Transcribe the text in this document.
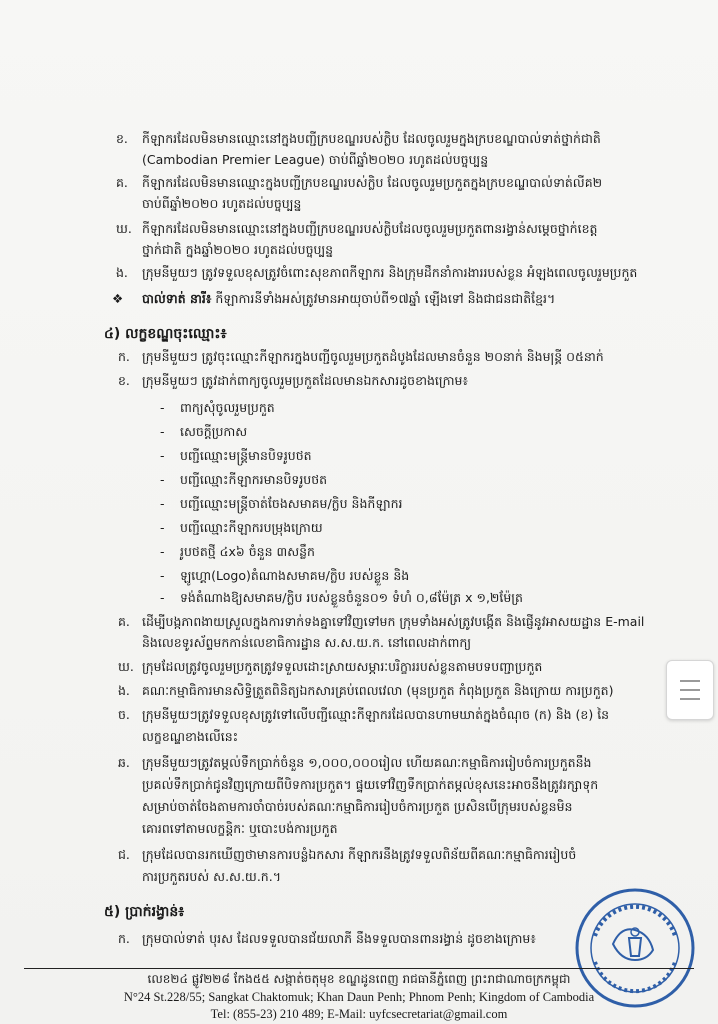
ខ. កីឡាករដែលមិនមានឈ្មោះនៅក្នុងបញ្ជីក្របខណ្ឌរបស់ក្លិប ដែលចូលរួមក្នុងក្របខណ្ឌបាល់ទាត់ថ្នាក់ជាតិ
(Cambodian Premier League) ចាប់ពីឆ្នាំ២០២០ រហូតដល់បច្ចុប្បន្ន
គ. កីឡាករដែលមិនមានឈ្មោះក្នុងបញ្ជីក្របខណ្ឌរបស់ក្លិប ដែលចូលរួមប្រកួតក្នុងក្របខណ្ឌបាល់ទាត់លីគ២
ចាប់ពីឆ្នាំ២០២០ រហូតដល់បច្ចុប្បន្ន
ឃ. កីឡាករដែលមិនមានឈ្មោះនៅក្នុងបញ្ជីក្របខណ្ឌរបស់ក្លិបដែលចូលរួមប្រកួតពានរង្វាន់សម្ដេចថ្នាក់ខេត្ត
ថ្នាក់ជាតិ ក្នុងឆ្នាំ២០២០ រហូតដល់បច្ចុប្បន្ន
ង. ក្រុមនីមួយៗ ត្រូវទទួលខុសត្រូវចំពោះសុខភាពកីឡាករ និងក្រុមដឹកនាំការងាររបស់ខ្លួន អំឡុងពេលចូលរួមប្រកួត
❖ បាល់ទាត់ នារី៖ កីឡាការនីទាំងអស់ត្រូវមានអាយុចាប់ពី១៧ឆ្នាំ ឡើងទៅ និងជាជនជាតិខ្មែរ។
៤) លក្ខខណ្ឌចុះឈ្មោះ៖
ក. ក្រុមនីមួយៗ ត្រូវចុះឈ្មោះកីឡាករក្នុងបញ្ជីចូលរួមប្រកួតដំបូងដែលមានចំនួន ២០នាក់ និងមន្ត្រី ០៥នាក់
ខ. ក្រុមនីមួយៗ ត្រូវដាក់ពាក្យចូលរួមប្រកួតដែលមានឯកសារដូចខាងក្រោម៖
- ពាក្យសុំចូលរួមប្រកួត
- សេចក្ដីប្រកាស
- បញ្ជីឈ្មោះមន្ត្រីមានបិទរូបថត
- បញ្ជីឈ្មោះកីឡាករមានបិទរូបថត
- បញ្ជីឈ្មោះមន្ត្រីចាត់ចែងសមាគម/ក្លិប និងកីឡាករ
- បញ្ជីឈ្មោះកីឡាករបម្រុងក្រោយ
- រូបថតថ្មី ៤x៦ ចំនួន ៣សន្លឹក
- ឡូហ្គោ(Logo)តំណាងសមាគម/ក្លិប របស់ខ្លួន និង
- ទង់តំណាងឱ្យសមាគម/ក្លិប របស់ខ្លួនចំនួន០១ ទំហំ ០,៨ម៉ែត្រ x ១,២ម៉ែត្រ
គ. ដើម្បីបង្កភាពងាយស្រួលក្នុងការទាក់ទងគ្នាទៅវិញទៅមក ក្រុមទាំងអស់ត្រូវបង្កើត និងផ្ញើនូវអាសយដ្ឋាន E-mail
និងលេខទូរស័ព្ទមកកាន់លេខាធិការដ្ឋាន ស.ស.យ.ក. នៅពេលដាក់ពាក្យ
ឃ. ក្រុមដែលត្រូវចូលរួមប្រកួតត្រូវទទួលដោះស្រាយសម្ភារៈបរិក្ខាររបស់ខ្លួនតាមបទបញ្ជាប្រកួត
ង. គណៈកម្មាធិការមានសិទ្ធិត្រួតពិនិត្យឯកសារគ្រប់ពេលវេលា (មុនប្រកួត កំពុងប្រកួត និងក្រោយ ការប្រកួត)
ច. ក្រុមនីមួយៗត្រូវទទួលខុសត្រូវទៅលើបញ្ជីឈ្មោះកីឡាករដែលបានហាមឃាត់ក្នុងចំណុច (ក) និង (ខ) នៃ
លក្ខខណ្ឌខាងលើនេះ
ឆ. ក្រុមនីមួយៗត្រូវតម្កល់ទឹកប្រាក់ចំនួន ១,០០០,០០០រៀល ហើយគណៈកម្មាធិការរៀបចំការប្រកួតនឹង
ប្រគល់ទឹកប្រាក់ជូនវិញក្រោយពីបិទការប្រកួត។ ផ្ទុយទៅវិញទឹកប្រាក់តម្កល់ខុសនេះអាចនឹងត្រូវរក្សាទុក
សម្រាប់ចាត់ចែងតាមការចាំបាច់របស់គណៈកម្មាធិការរៀបចំការប្រកួត ប្រសិនបើក្រុមរបស់ខ្លួនមិន
គោរពទៅតាមលក្ខន្តិកៈ ឬបោះបង់ការប្រកួត
ជ. ក្រុមដែលបានរកឃើញថាមានការបន្លំឯកសារ កីឡាករនឹងត្រូវទទួលពិន័យពីគណៈកម្មាធិការរៀបចំ
ការប្រកួតរបស់ ស.ស.យ.ក.។
៥) ប្រាក់រង្វាន់៖
ក. ក្រុមបាល់ទាត់ បុរស ដែលទទួលបានជ័យលាភី នឹងទទួលបានពានរង្វាន់ ដូចខាងក្រោម៖
លេខ២៤ ផ្លូវ២២៨ កែង៥៥ សង្កាត់ចតុមុខ ខណ្ឌដូនពេញ រាជធានីភ្នំពេញ ព្រះរាជាណាចក្រកម្ពុជា
N°24 St.228/55; Sangkat Chaktomuk; Khan Daun Penh; Phnom Penh; Kingdom of Cambodia
Tel: (855-23) 210 489; E-Mail: uyfcsecretariat@gmail.com
